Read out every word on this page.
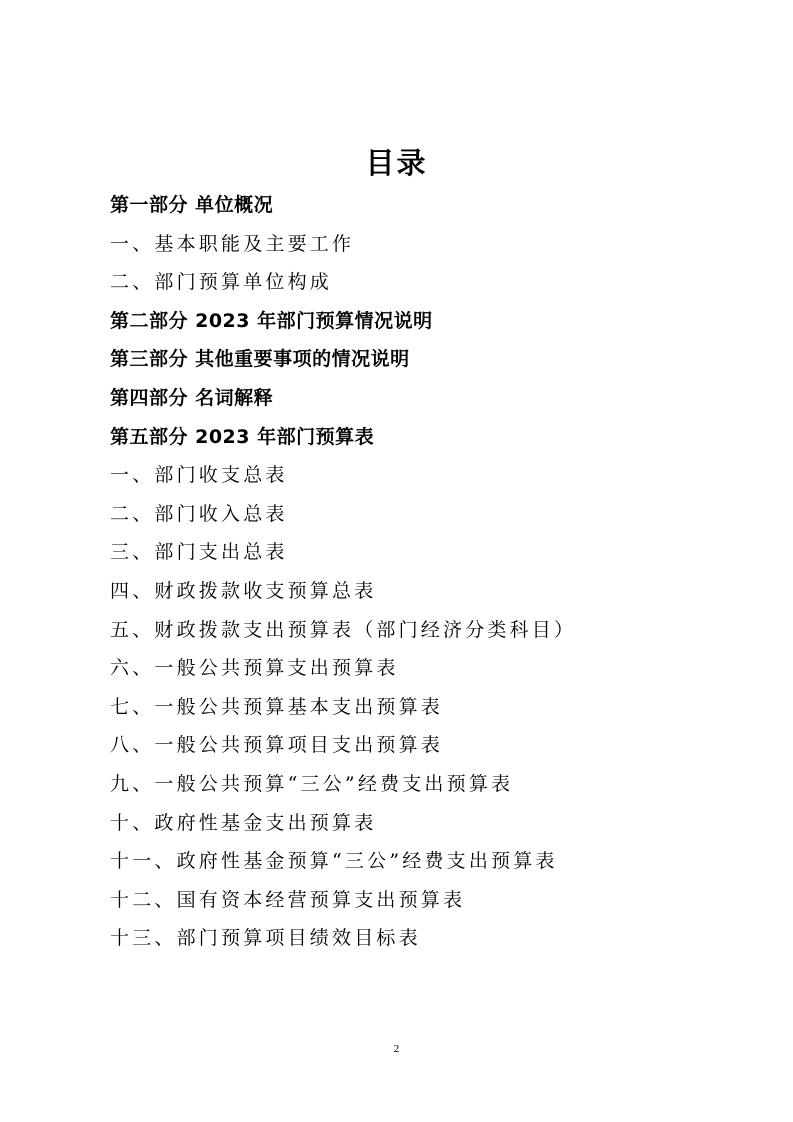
目录
第一部分 单位概况
一、基本职能及主要工作
二、部门预算单位构成
第二部分 2023 年部门预算情况说明
第三部分 其他重要事项的情况说明
第四部分 名词解释
第五部分 2023 年部门预算表
一、部门收支总表
二、部门收入总表
三、部门支出总表
四、财政拨款收支预算总表
五、财政拨款支出预算表（部门经济分类科目）
六、一般公共预算支出预算表
七、一般公共预算基本支出预算表
八、一般公共预算项目支出预算表
九、一般公共预算“三公”经费支出预算表
十、政府性基金支出预算表
十一、政府性基金预算“三公”经费支出预算表
十二、国有资本经营预算支出预算表
十三、部门预算项目绩效目标表
2
